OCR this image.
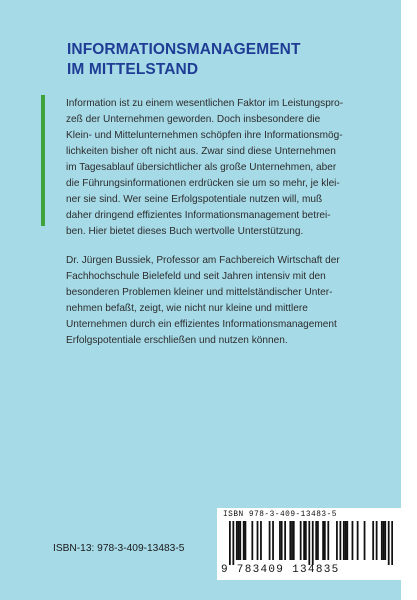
INFORMATIONSMANAGEMENT
IM MITTELSTAND

Information ist zu einem wesentlichen Faktor im Leistungspro-
zeß der Unternehmen geworden. Doch insbesondere die
Klein- und Mittelunternehmen schöpfen ihre Informationsmög-
lichkeiten bisher oft nicht aus. Zwar sind diese Unternehmen
im Tagesablauf übersichtlicher als große Unternehmen, aber
die Führungsinformationen erdrücken sie um so mehr, je klei-
ner sie sind. Wer seine Erfolgspotentiale nutzen will, muß
daher dringend effizientes Informationsmanagement betrei-
ben. Hier bietet dieses Buch wertvolle Unterstützung.

Dr. Jürgen Bussiek, Professor am Fachbereich Wirtschaft der
Fachhochschule Bielefeld und seit Jahren intensiv mit den
besonderen Problemen kleiner und mittelständischer Unter-
nehmen befaßt, zeigt, wie nicht nur kleine und mittlere
Unternehmen durch ein effizientes Informationsmanagement
Erfolgspotentiale erschließen und nutzen können.

ISBN 978-3-409-13483-5

9 783409 134835

ISBN-13: 978-3-409-13483-5
